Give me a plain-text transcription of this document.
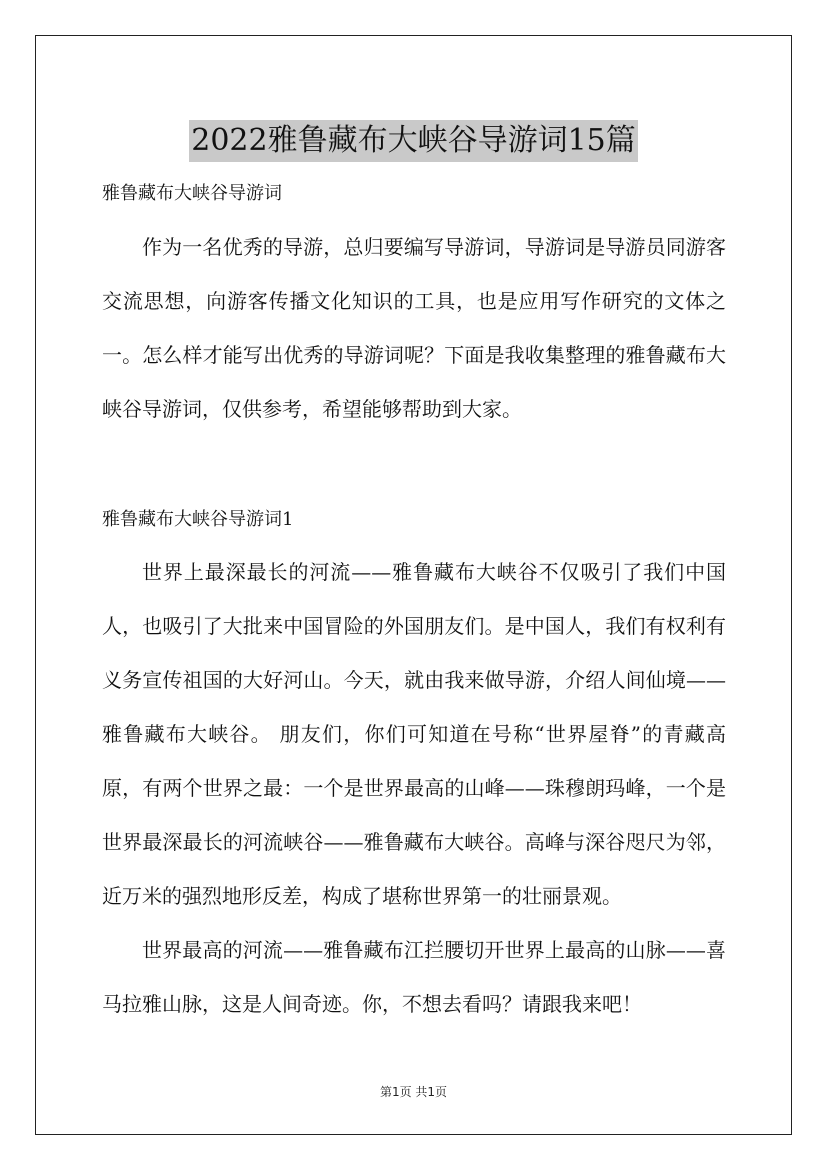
2022雅鲁藏布大峡谷导游词15篇
雅鲁藏布大峡谷导游词
作为一名优秀的导游，总归要编写导游词，导游词是导游员同游客交流思想，向游客传播文化知识的工具，也是应用写作研究的文体之一。怎么样才能写出优秀的导游词呢？下面是我收集整理的雅鲁藏布大峡谷导游词，仅供参考，希望能够帮助到大家。
雅鲁藏布大峡谷导游词1
世界上最深最长的河流——雅鲁藏布大峡谷不仅吸引了我们中国人，也吸引了大批来中国冒险的外国朋友们。是中国人，我们有权利有义务宣传祖国的大好河山。今天，就由我来做导游，介绍人间仙境——雅鲁藏布大峡谷。 朋友们，你们可知道在号称“世界屋脊”的青藏高原，有两个世界之最：一个是世界最高的山峰——珠穆朗玛峰，一个是世界最深最长的河流峡谷——雅鲁藏布大峡谷。高峰与深谷咫尺为邻，近万米的强烈地形反差，构成了堪称世界第一的壮丽景观。
世界最高的河流——雅鲁藏布江拦腰切开世界上最高的山脉——喜马拉雅山脉，这是人间奇迹。你，不想去看吗？请跟我来吧！
第1页 共1页
